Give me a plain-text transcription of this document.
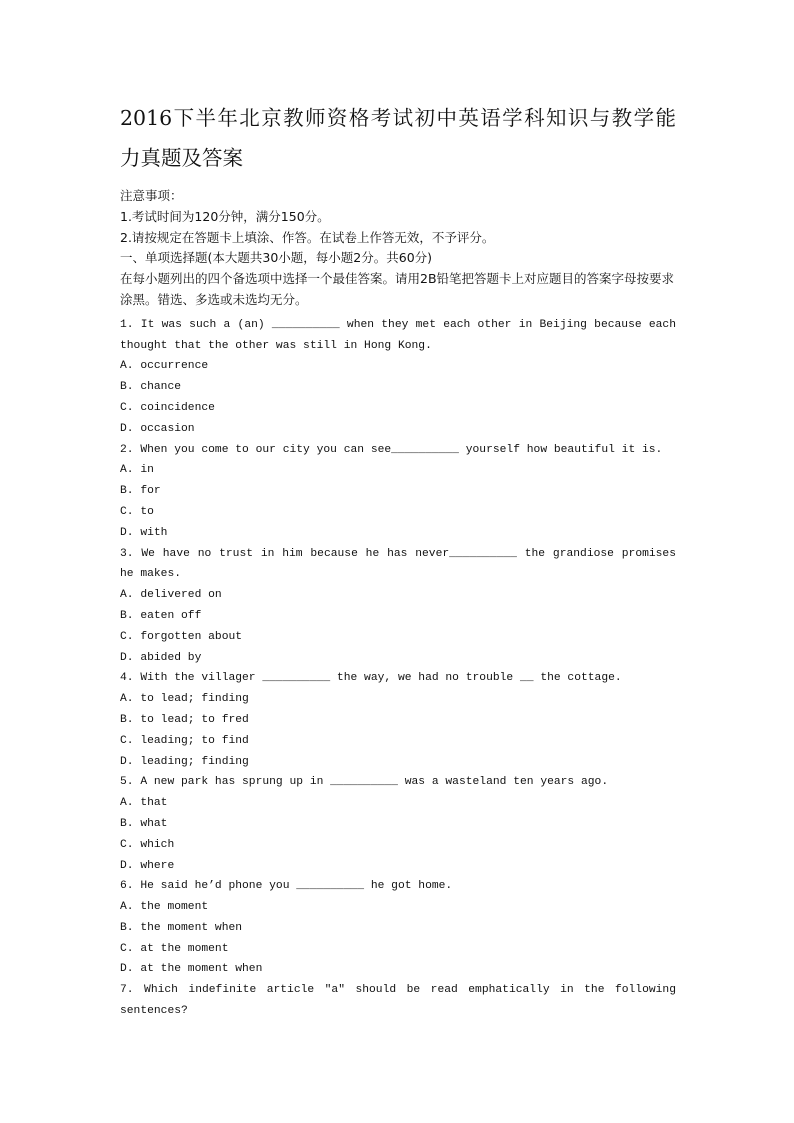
2016下半年北京教师资格考试初中英语学科知识与教学能

力真题及答案

注意事项：
1.考试时间为120分钟，满分150分。
2.请按规定在答题卡上填涂、作答。在试卷上作答无效，不予评分。
一、单项选择题(本大题共30小题，每小题2分。共60分)
在每小题列出的四个备选项中选择一个最佳答案。请用2B铅笔把答题卡上对应题目的答案字母按要求涂黑。错选、多选或未选均无分。

1. It was such a (an) __________ when they met each other in Beijing because each thought that the other was still in Hong Kong.

A. occurrence

B. chance

C. coincidence

D. occasion

2. When you come to our city you can see__________ yourself how beautiful it is.

A. in

B. for

C. to

D. with

3. We have no trust in him because he has never__________ the grandiose promises he makes.

A. delivered on

B. eaten off

C. forgotten about

D. abided by

4. With the villager __________ the way, we had no trouble __ the cottage.

A. to lead; finding

B. to lead; to fred

C. leading; to find

D. leading; finding

5. A new park has sprung up in __________ was a wasteland ten years ago.

A. that

B. what

C. which

D. where

6. He said he’d phone you __________ he got home.

A. the moment

B. the moment when

C. at the moment

D. at the moment when

7. Which indefinite article "a" should be read emphatically in the following sentences?
